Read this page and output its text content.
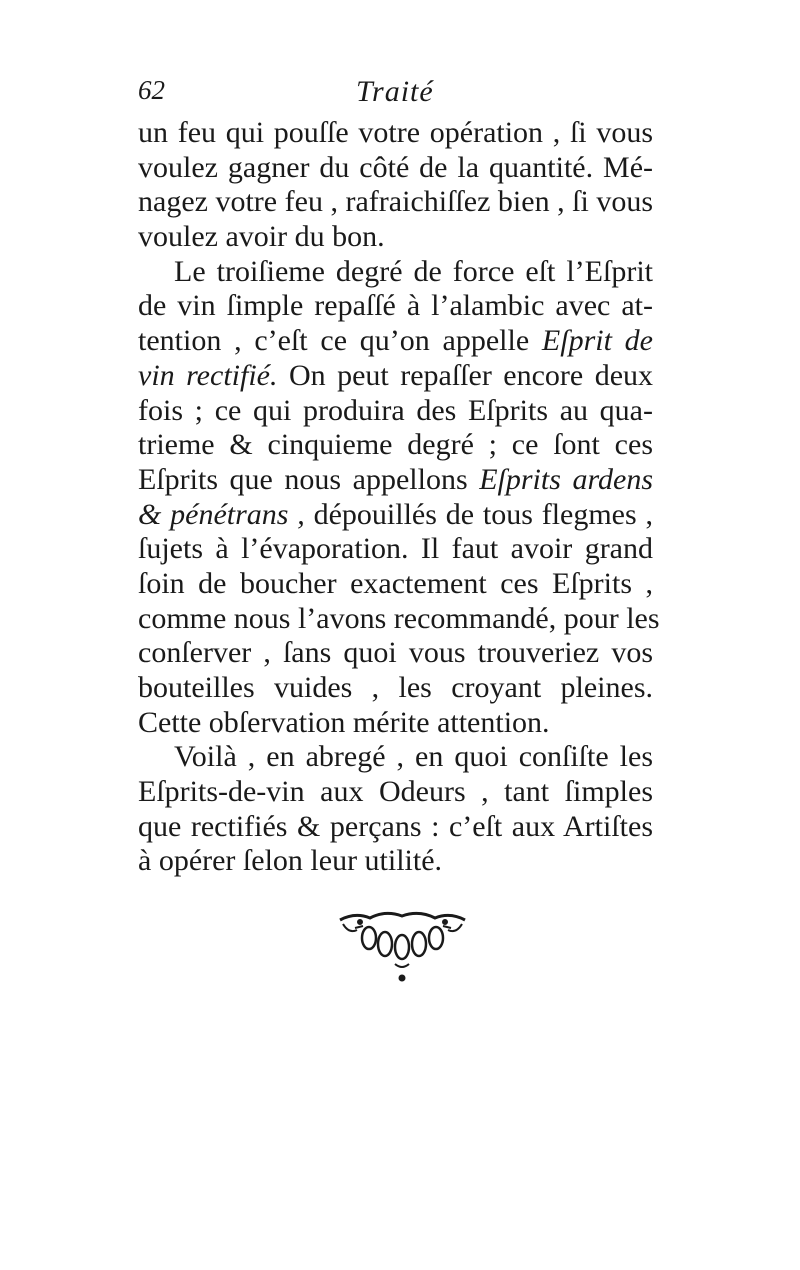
62	Traité
un feu qui pouſſe votre opération , ſi vous
voulez gagner du côté de la quantité. Mé-
nagez votre feu , rafraichiſſez bien , ſi vous
voulez avoir du bon.
Le troiſieme degré de force eſt l’Eſprit
de vin ſimple repaſſé à l’alambic avec at-
tention , c’eſt ce qu’on appelle Eſprit de
vin rectifié. On peut repaſſer encore deux
fois ; ce qui produira des Eſprits au qua-
trieme & cinquieme degré ; ce ſont ces
Eſprits que nous appellons Eſprits ardens
& pénétrans , dépouillés de tous flegmes ,
ſujets à l’évaporation. Il faut avoir grand
ſoin de boucher exactement ces Eſprits ,
comme nous l’avons recommandé, pour les
conſerver , ſans quoi vous trouveriez vos
bouteilles vuides , les croyant pleines.
Cette obſervation mérite attention.
Voilà , en abregé , en quoi conſiſte les
Eſprits-de-vin aux Odeurs , tant ſimples
que rectifiés & perçans : c’eſt aux Artiſtes
à opérer ſelon leur utilité.
